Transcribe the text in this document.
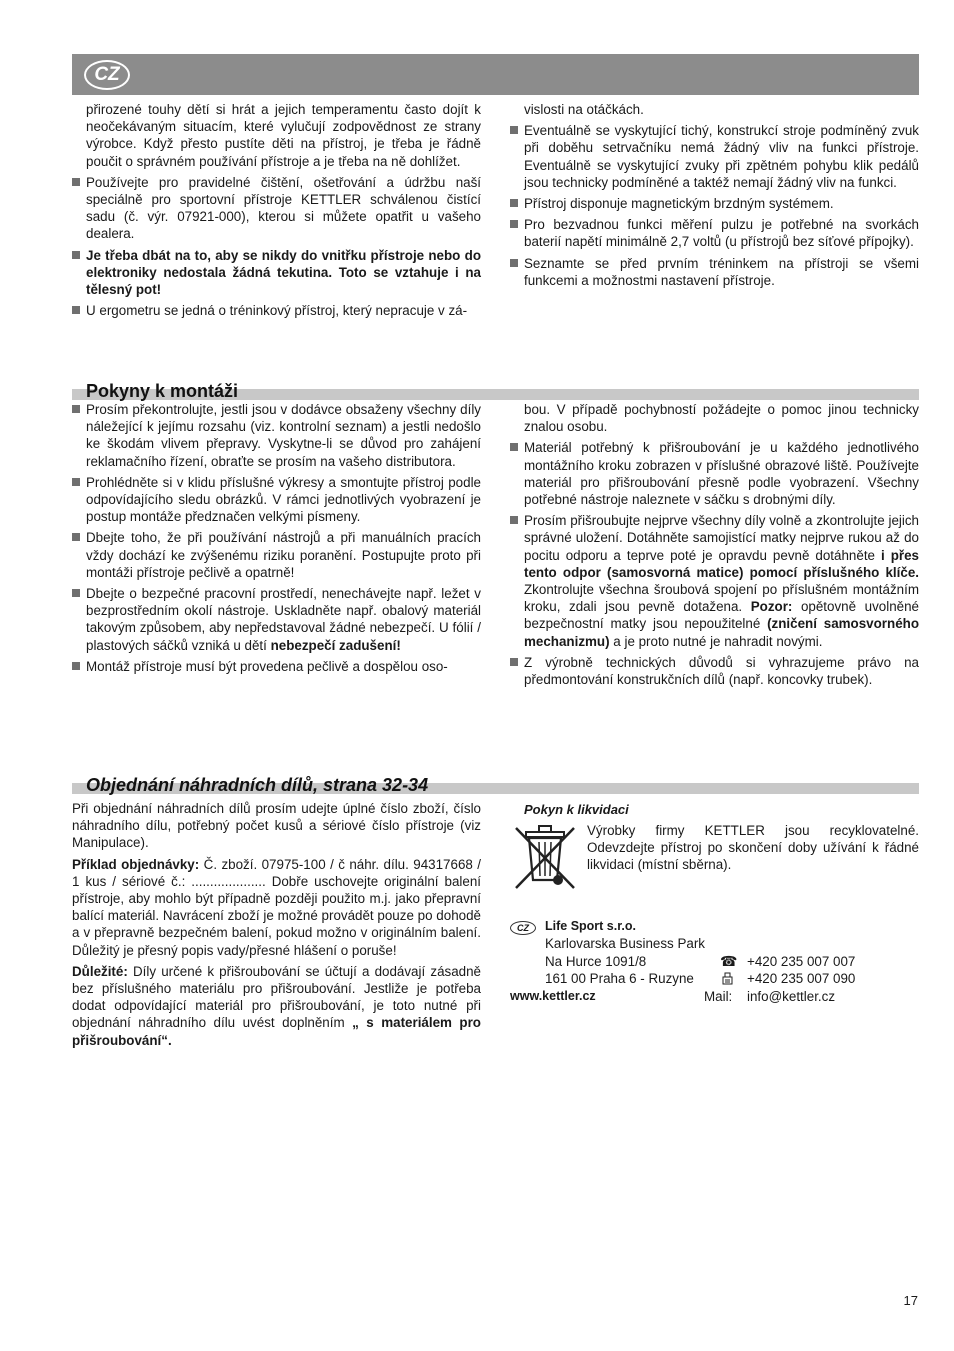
CZ

přirozené touhy dětí si hrát a jejich temperamentu často dojít k neočekávaným situacím, které vylučují zodpovědnost ze strany výrobce. Když přesto pustíte děti na přístroj, je třeba je řádně poučit o správném používání přístroje a je třeba na ně dohlížet.

Používejte pro pravidelné čištění, ošetřování a údržbu naší speciálně pro sportovní přístroje KETTLER schválenou čistící sadu (č. výr. 07921-000), kterou si můžete opatřit u vašeho dealera.

Je třeba dbát na to, aby se nikdy do vnitřku přístroje nebo do elektroniky nedostala žádná tekutina. Toto se vztahuje i na tělesný pot!

U ergometru se jedná o tréninkový přístroj, který nepracuje v zá-

vislosti na otáčkách.

Eventuálně se vyskytující tichý, konstrukcí stroje podmíněný zvuk při doběhu setrvačníku nemá žádný vliv na funkci přístroje. Eventuálně se vyskytující zvuky při zpětném pohybu klik pedálů jsou technicky podmíněné a taktéž nemají žádný vliv na funkci.

Přístroj disponuje magnetickým brzdným systémem.

Pro bezvadnou funkci měření pulzu je potřebné na svorkách baterií napětí minimálně 2,7 voltů (u přístrojů bez síťové přípojky).

Seznamte se před prvním tréninkem na přístroji se všemi funkcemi a možnostmi nastavení přístroje.

Pokyny k montáži

Prosím překontrolujte, jestli jsou v dodávce obsaženy všechny díly náležející k jejímu rozsahu (viz. kontrolní seznam) a jestli nedošlo ke škodám vlivem přepravy. Vyskytne-li se důvod pro zahájení reklamačního řízení, obraťte se prosím na vašeho distributora.

Prohlédněte si v klidu příslušné výkresy a smontujte přístroj podle odpovídajícího sledu obrázků. V rámci jednotlivých vyobrazení je postup montáže předznačen velkými písmeny.

Dbejte toho, že při používání nástrojů a při manuálních pracích vždy dochází ke zvýšenému riziku poranění. Postupujte proto při montáži přístroje pečlivě a opatrně!

Dbejte o bezpečné pracovní prostředí, nenechávejte např. ležet v bezprostředním okolí nástroje. Uskladněte např. obalový materiál takovým způsobem, aby nepředstavoval žádné nebezpečí. U fólií / plastových sáčků vzniká u dětí nebezpečí zadušení!

Montáž přístroje musí být provedena pečlivě a dospělou oso-

bou. V případě pochybností požádejte o pomoc jinou technicky znalou osobu.

Materiál potřebný k přišroubování je u každého jednotlivého montážního kroku zobrazen v příslušné obrazové liště. Používejte materiál pro přišroubování přesně podle vyobrazení. Všechny potřebné nástroje naleznete v sáčku s drobnými díly.

Prosím přišroubujte nejprve všechny díly volně a zkontrolujte jejich správné uložení. Dotáhněte samojistící matky nejprve rukou až do pocitu odporu a teprve poté je opravdu pevně dotáhněte i přes tento odpor (samosvorná matice) pomocí příslušného klíče. Zkontrolujte všechna šroubová spojení po příslušném montážním kroku, zdali jsou pevně dotažena. Pozor: opětovně uvolněné bezpečnostní matky jsou nepoužitelné (zničení samosvorného mechanizmu) a je proto nutné je nahradit novými.

Z výrobně technických důvodů si vyhrazujeme právo na předmontování konstrukčních dílů (např. koncovky trubek).

Objednání náhradních dílů, strana 32-34

Při objednání náhradních dílů prosím udejte úplné číslo zboží, číslo náhradního dílu, potřebný počet kusů a sériové číslo přístroje (viz Manipulace).

Příklad objednávky: Č. zboží. 07975-100 / č náhr. dílu. 94317668 / 1 kus / sériové č.: .................... Dobře uschovejte originální balení přístroje, aby mohlo být případně později použito m.j. jako přepravní balící materiál. Navrácení zboží je možné provádět pouze po dohodě a v přepravně bezpečném balení, pokud možno v originálním balení. Důležitý je přesný popis vady/přesné hlášení o poruše!

Důležité: Díly určené k přišroubování se účtují a dodávají zásadně bez příslušného materiálu pro přišroubování. Jestliže je potřeba dodat odpovídající materiál pro přišroubování, je toto nutné při objednání náhradního dílu uvést doplněním „ s materiálem pro přišroubování“.

Pokyn k likvidaci
Výrobky firmy KETTLER jsou recyklovatelné. Odevzdejte přístroj po skončení doby užívání k řádné likvidaci (místní sběrna).
CZ	Life Sport s.r.o.
Karlovarska Business Park
Na Hurce 1091/8	☎ +420 235 007 007
161 00 Praha 6 - Ruzyne	+420 235 007 090
www.kettler.cz	Mail: info@kettler.cz
17
